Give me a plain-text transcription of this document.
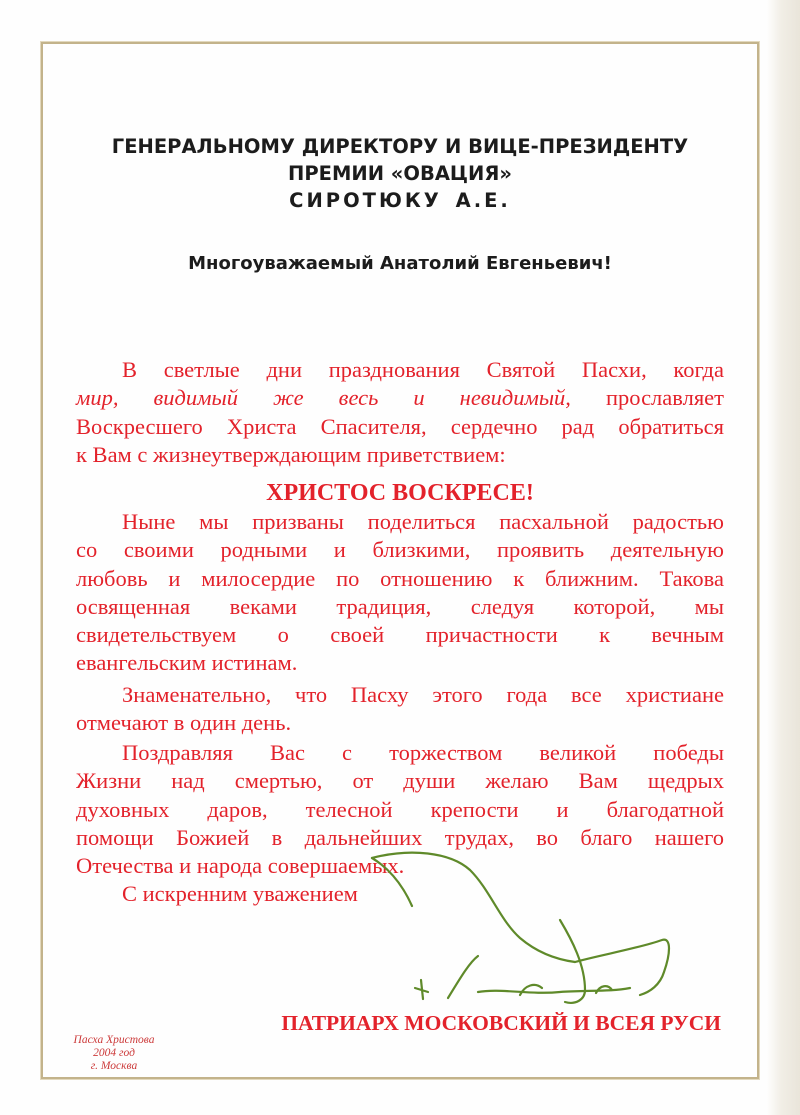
ГЕНЕРАЛЬНОМУ ДИРЕКТОРУ И ВИЦЕ-ПРЕЗИДЕНТУ
ПРЕМИИ «ОВАЦИЯ»
СИРОТЮКУ А.Е.
Многоуважаемый Анатолий Евгеньевич!
В светлые дни празднования Святой Пасхи, когда
мир, видимый же весь и невидимый, прославляет
Воскресшего Христа Спасителя, сердечно рад обратиться
к Вам с жизнеутверждающим приветствием:
ХРИСТОС ВОСКРЕСЕ!
Ныне мы призваны поделиться пасхальной радостью
со своими родными и близкими, проявить деятельную
любовь и милосердие по отношению к ближним. Такова
освященная веками традиция, следуя которой, мы
свидетельствуем о своей причастности к вечным
евангельским истинам.
Знаменательно, что Пасху этого года все христиане
отмечают в один день.
Поздравляя Вас с торжеством великой победы
Жизни над смертью, от души желаю Вам щедрых
духовных даров, телесной крепости и благодатной
помощи Божией в дальнейших трудах, во благо нашего
Отечества и народа совершаемых.
С искренним уважением
ПАТРИАРХ МОСКОВСКИЙ И ВСЕЯ РУСИ
Пасха Христова
2004 год
г. Москва
